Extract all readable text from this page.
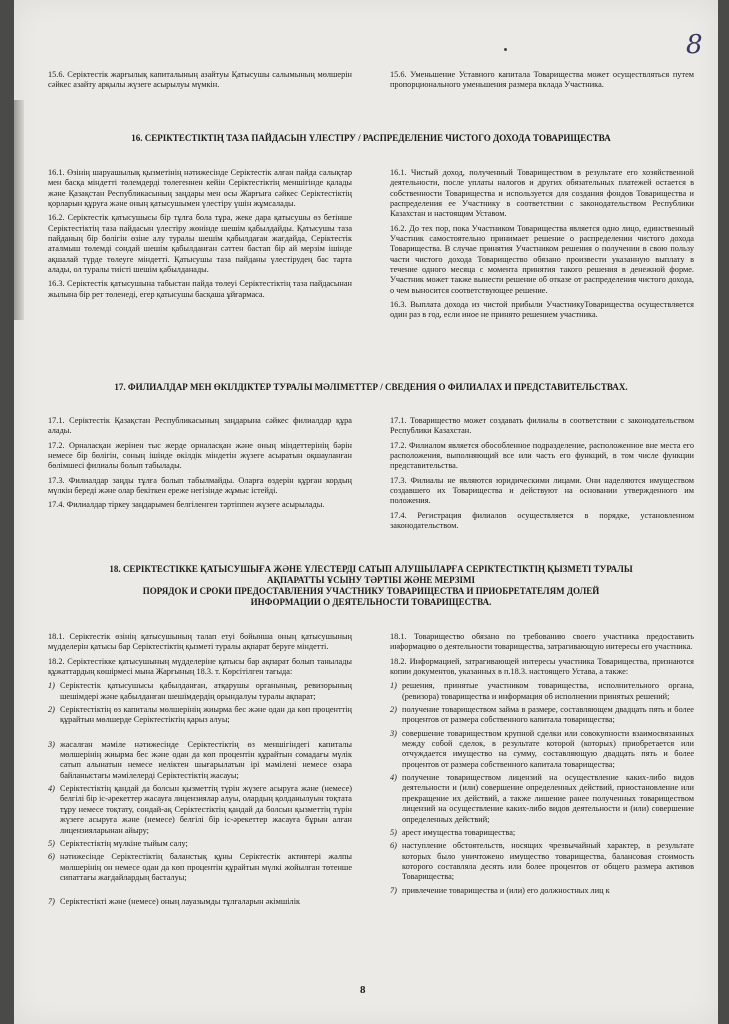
8

15.6. Серіктестік жарғылық капиталының азайтуы Қатысушы салымының мөлшерін сәйкес азайту арқылы жүзеге асырылуы мүмкін.

15.6. Уменьшение Уставного капитала Товарищества может осуществляться путем пропорционального уменьшения размера вклада Участника.

16. СЕРІКТЕСТІКТІҢ ТАЗА ПАЙДАСЫН ҮЛЕСТІРУ / РАСПРЕДЕЛЕНИЕ ЧИСТОГО ДОХОДА ТОВАРИЩЕСТВА

16.1. Өзінің шаруашылық қызметінің нәтижесінде Серіктестік алған пайда салықтар мен басқа міндетті төлемдерді төлегеннен кейін Серіктестіктің меншігінде қалады және Қазақстан Республикасының заңдары мен осы Жарғыға сәйкес Серіктестіктің қорларын құруға және оның қатысушымен үлестіру үшін жұмсалады.

16.2. Серіктестік қатысушысы бір тұлға бола тұра, жеке дара қатысушы өз бетінше Серіктестіктің таза пайдасын үлестіру жөнінде шешім қабылдайды. Қатысушы таза пайданың бір бөлігін өзіне алу туралы шешім қабылдаған жағдайда, Серіктестік аталмыш төлемді сондай шешім қабылданған сәттен бастап бір ай мерзім ішінде ақшалай түрде төлеуге міндетті. Қатысушы таза пайданы үлестірудең бас тарта алады, ол туралы тиісті шешім қабылданады.

16.3. Серіктестік қатысушына табыстан пайда төлеуі Серіктестіктің таза пайдасынан жылына бір рет төленеді, егер қатысушы басқаша ұйғармаса.

16.1. Чистый доход, полученный Товариществом в результате его хозяйственной деятельности, после уплаты налогов и других обязательных платежей остается в собственности Товарищества и используется для создания фондов Товарищества и распределения ее Участнику в соответствии с законодательством Республики Казахстан и настоящим Уставом.

16.2. До тех пор, пока Участником Товарищества является одно лицо, единственный Участник самостоятельно принимает решение о распределении чистого дохода Товарищества. В случае принятия Участником решения о получении в свою пользу части чистого дохода Товарищество обязано произвести указанную выплату в течение одного месяца с момента принятия такого решения в денежной форме. Участник может также вынести решение об отказе от распределения чистого дохода, о чем выносится соответствующее решение.

16.3. Выплата дохода из чистой прибыли УчастникуТоварищества осуществляется один раз в год, если иное не принято решением участника.

17. ФИЛИАЛДАР МЕН ӨКІЛДІКТЕР ТУРАЛЫ МӘЛІМЕТТЕР / СВЕДЕНИЯ О ФИЛИАЛАХ И ПРЕДСТАВИТЕЛЬСТВАХ.

17.1. Серіктестік Қазақстан Республикасының заңдарына сәйкес филиалдар құра алады.

17.2. Орналасқан жерінен тыс жерде орналасқан және оның міндеттерінің бәрін немесе бір бөлігін, соның ішінде өкілдік міндетін жүзеге асыратын оқшауланған бөлімшесі филиалы болып табылады.

17.3. Филиалдар заңды тұлға болып табылмайды. Оларға өздерін құрған кордың мүлкін береді және олар бекіткен ереже негізінде жұмыс істейді.

17.4. Филиалдар тіркеу заңдарымен белгіленген тәртіппен жүзеге асырылады.

17.1. Товарищество может создавать филиалы в соответствии с законодательством Республики Казахстан.

17.2. Филиалом является обособленное подразделение, расположенное вне места его расположения, выполняющий все или часть его функций, в том числе функции представительства.

17.3. Филиалы не являются юридическими лицами. Они наделяются имуществом создавшего их Товарищества и действуют на основании утвержденного им положения.

17.4. Регистрация филиалов осуществляется в порядке, установленном законодательством.

18. СЕРІКТЕСТІККЕ ҚАТЫСУШЫҒА ЖӘНЕ ҮЛЕСТЕРДІ САТЫП АЛУШЫЛАРҒА СЕРІКТЕСТІКТІҢ ҚЫЗМЕТІ ТУРАЛЫ
АҚПАРАТТЫ ҰСЫНУ ТӘРТІБІ ЖӘНЕ МЕРЗІМІ
ПОРЯДОК И СРОКИ ПРЕДОСТАВЛЕНИЯ УЧАСТНИКУ ТОВАРИЩЕСТВА И ПРИОБРЕТАТЕЛЯМ ДОЛЕЙ
ИНФОРМАЦИИ О ДЕЯТЕЛЬНОСТИ ТОВАРИЩЕСТВА.

18.1. Серіктестік өзінің қатысушының талап етуі бойынша оның қатысушының мүдделерін қатысы бар Серіктестіктің қызметі туралы ақпарат беруге міндетті.

18.2. Серіктестікке қатысушының мүдделеріне қатысы бар ақпарат болып танылады құжаттардың көшірмесі мына Жарғының 18.3. т. Көрсітілген тағыда:

1) Серіктестік қатысушысы қабылданған, атқарушы органының, ревизорының шешімдері және қабылданған шешімдердің орындалуы туралы ақпарат;
2) Серіктестіктің өз капиталы мөлшерінің жиырма бес және одан да көп проценттің құрайтын мөлшерде Серіктестіктің қарыз алуы;
3) жасалған мәміле нәтижесінде Серіктестіктің өз меншігіндегі капиталы мөлшерінің жиырма бес және одан да көп процентін құрайтын сомадағы мүлік сатып алынатын немесе иеліктен шығарылатын ірі мәмілені немесе өзара байланыстағы мәмілелерді Серіктестіктің жасауы;
4) Серіктестіктің қандай да болсын қызметтің түрін жүзеге асыруға және (немесе) белгілі бір іс-әрекеттер жасауға лицензиялар алуы, олардың қолданылуын тоқтата тұру немесе тоқтату, сондай-ақ Серіктестіктің қандай да болсын қызметтің түрін жүзеге асыруға және (немесе) белгілі бір іс-әрекеттер жасауға бұрын алған лицензияларынан айыру;
5) Серіктестіктің мүлкіне тыйым салу;
6) нәтижесінде Серіктестіктің баланстық құны Серіктестік активтері жалпы мөлшерінің он немесе одан да көп процентін құрайтын мүлкі жойылған төтенше сипаттағы жағдайлардың басталуы;
7) Серіктестікті және (немесе) оның лауазымды тұлғаларын әкімшілік

18.1. Товарищество обязано по требованию своего участника предоставить информацию о деятельности товарищества, затрагивающую интересы его участника.

18.2. Информацией, затрагивающей интересы участника Товарищества, признаются копии документов, указанных в п.18.3. настоящего Устава, а также:

1) решения, принятые участником товарищества, исполнительного органа, (ревизора) товарищества и информация об исполнении принятых решений;
2) получение товариществом займа в размере, составляющем двадцать пять и более процентов от размера собственного капитала товарищества;
3) совершение товариществом крупной сделки или совокупности взаимосвязанных между собой сделок, в результате которой (которых) приобретается или отчуждается имущество на сумму, составляющую двадцать пять и более процентов от размера собственного капитала товарищества;
4) получение товариществом лицензий на осуществление каких-либо видов деятельности и (или) совершение определенных действий, приостановление или прекращение их действий, а также лишение ранее полученных товариществом лицензий на осуществление каких-либо видов деятельности и (или) совершение определенных действий;
5) арест имущества товарищества;
6) наступление обстоятельств, носящих чрезвычайный характер, в результате которых было уничтожено имущество товарищества, балансовая стоимость которого составляла десять или более процентов от общего размера активов Товарищества;
7) привлечение товарищества и (или) его должностных лиц к
8
